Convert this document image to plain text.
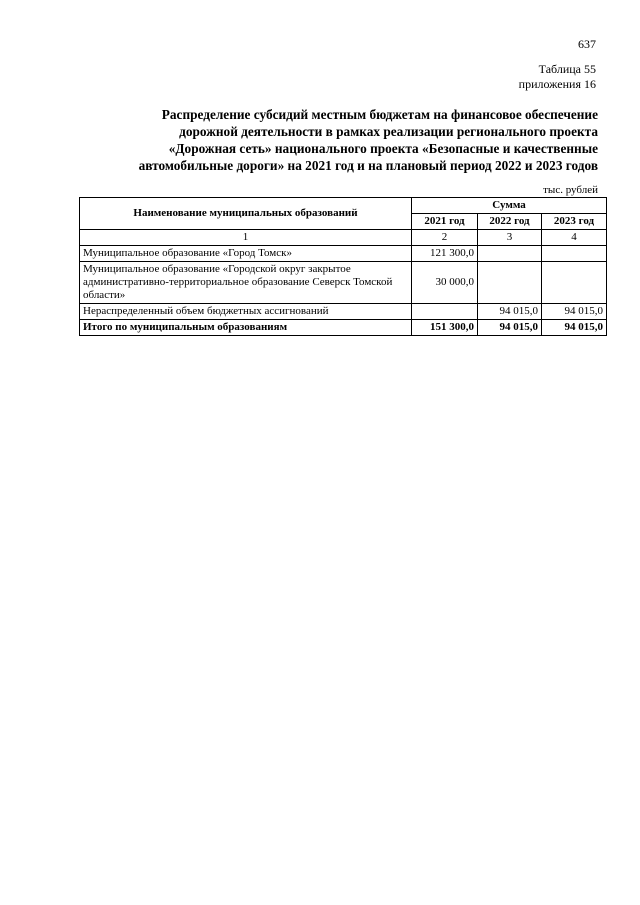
637
Таблица 55
приложения 16
Распределение субсидий местным бюджетам на финансовое обеспечение
дорожной деятельности в рамках реализации регионального проекта
«Дорожная сеть» национального проекта «Безопасные и качественные
автомобильные дороги» на 2021 год и на плановый период 2022 и 2023 годов
тыс. рублей
Наименование муниципальных образований	Сумма		
	2021 год	2022 год	2023 год
1	2	3	4
Муниципальное образование «Город Томск»	121 300,0		
Муниципальное образование «Городской округ закрытое административно-территориальное образование Северск Томской области»	30 000,0		
Нераспределенный объем бюджетных ассигнований		94 015,0	94 015,0
Итого по муниципальным образованиям	151 300,0	94 015,0	94 015,0
